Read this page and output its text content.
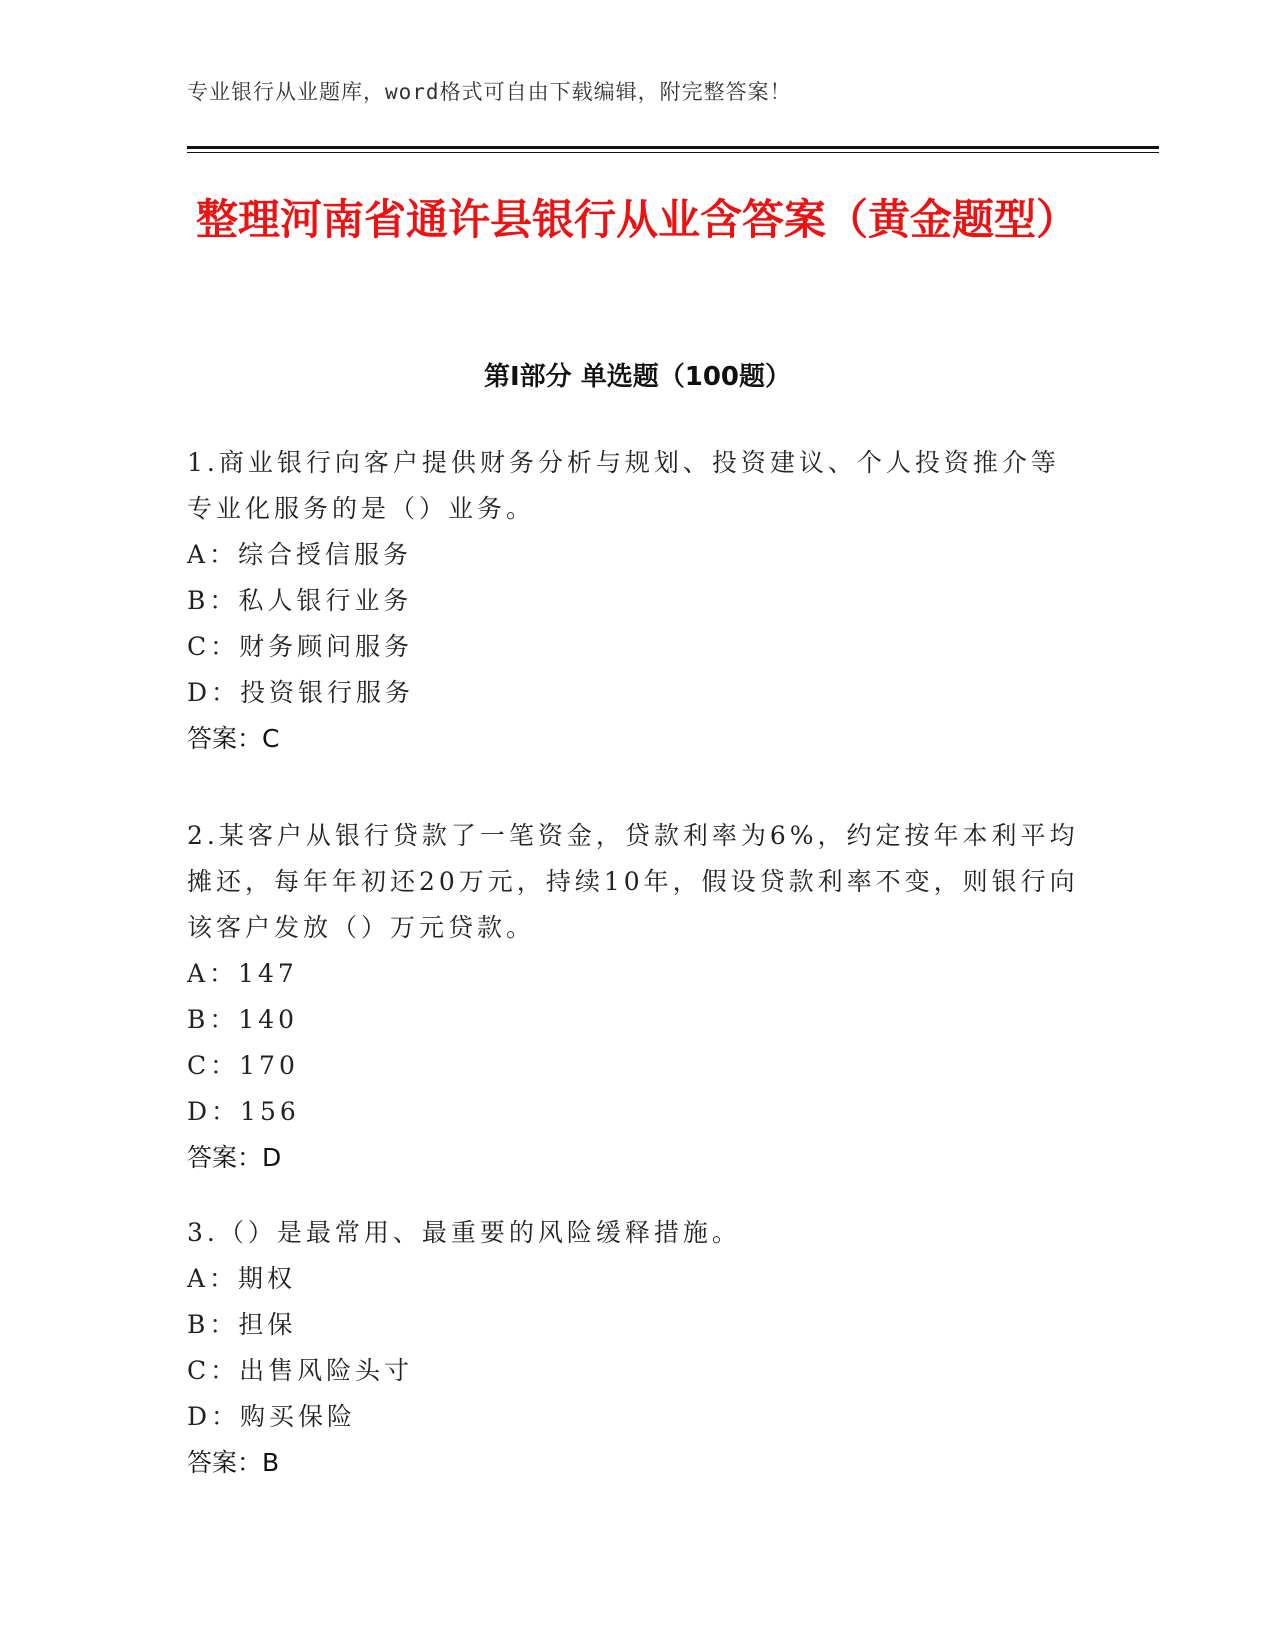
专业银行从业题库，word格式可自由下载编辑，附完整答案！
整理河南省通许县银行从业含答案（黄金题型）
第Ⅰ部分 单选题（100题）
1.商业银行向客户提供财务分析与规划、投资建议、个人投资推介等专业化服务的是（）业务。
A：综合授信服务
B：私人银行业务
C：财务顾问服务
D：投资银行服务
答案：C
2.某客户从银行贷款了一笔资金，贷款利率为6%，约定按年本利平均摊还，每年年初还20万元，持续10年，假设贷款利率不变，则银行向该客户发放（）万元贷款。
A：147
B：140
C：170
D：156
答案：D
3.（）是最常用、最重要的风险缓释措施。
A：期权
B：担保
C：出售风险头寸
D：购买保险
答案：B
